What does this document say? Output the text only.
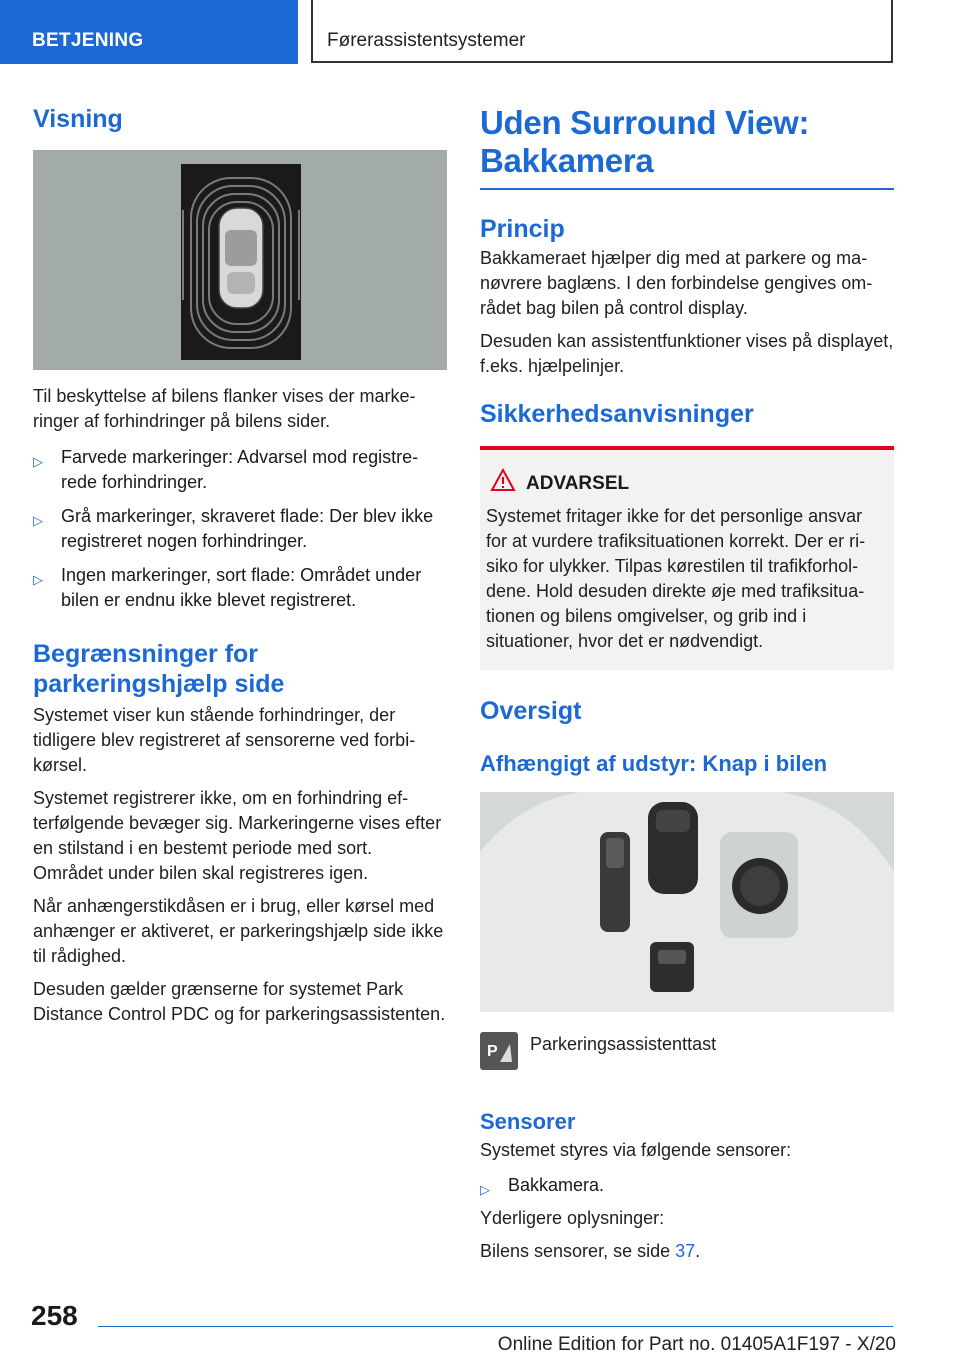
BETJENING	Førerassistentsystemer
Visning

Til beskyttelse af bilens flanker vises der markeringer af forhindringer på bilens sider.

▷ Farvede markeringer: Advarsel mod registrerede forhindringer.
▷ Grå markeringer, skraveret flade: Der blev ikke registreret nogen forhindringer.
▷ Ingen markeringer, sort flade: Området under bilen er endnu ikke blevet registreret.
Begrænsninger for parkeringshjælp side

Systemet viser kun stående forhindringer, der tidligere blev registreret af sensorerne ved forbikørsel.

Systemet registrerer ikke, om en forhindring efterfølgende bevæger sig. Markeringerne vises efter en stilstand i en bestemt periode med sort. Området under bilen skal registreres igen.

Når anhængerstikdåsen er i brug, eller kørsel med anhænger er aktiveret, er parkeringshjælp side ikke til rådighed.

Desuden gælder grænserne for systemet Park Distance Control PDC og for parkeringsassistenten.

Uden Surround View: Bakkamera
Princip

Bakkameraet hjælper dig med at parkere og manøvrere baglæns. I den forbindelse gengives området bag bilen på control display.

Desuden kan assistentfunktioner vises på displayet, f.eks. hjælpelinjer.

Sikkerhedsanvisninger
ADVARSEL

Systemet fritager ikke for det personlige ansvar for at vurdere trafiksituationen korrekt. Der er risiko for ulykker. Tilpas kørestilen til trafikforholdene. Hold desuden direkte øje med trafiksituationen og bilens omgivelser, og grib ind i situationer, hvor det er nødvendigt.

Oversigt
Afhængigt af udstyr: Knap i bilen
P Parkeringsassistenttast

Sensorer

Systemet styres via følgende sensorer:

▷ Bakkamera.

Yderligere oplysninger:

Bilens sensorer, se side 37.

258
Online Edition for Part no. 01405A1F197 - X/20
